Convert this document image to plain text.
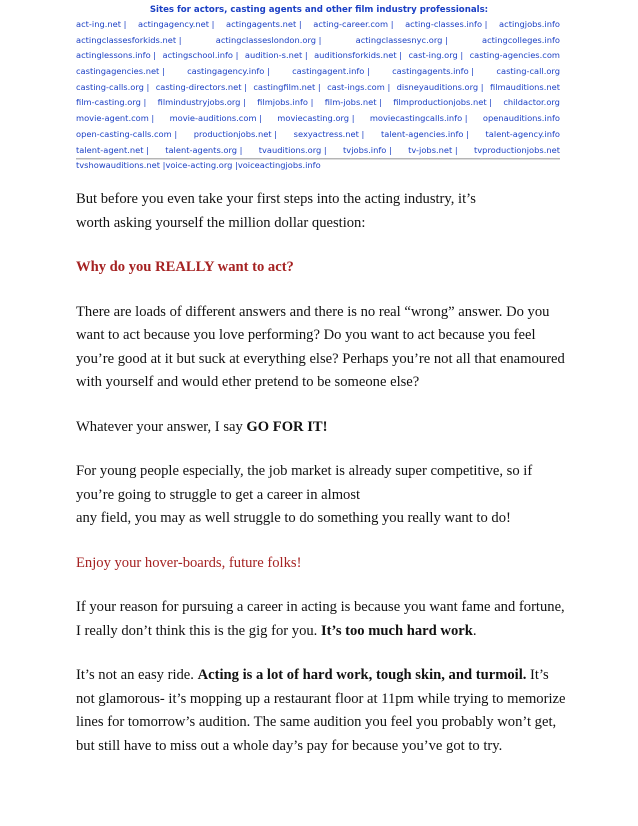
Sites for actors, casting agents and other film industry professionals:

act-ing.net | actingagency.net | actingagents.net | acting-career.com | acting-classes.info | actingjobs.info
actingclassesforkids.net |	actingclasseslondon.org |	actingclassesnyc.org |	actingcolleges.info
actinglessons.info | actingschool.info | audition-s.net | auditionsforkids.net | cast-ing.org | casting-agencies.com
castingagencies.net |	castingagency.info |	castingagent.info |	castingagents.info |	casting-call.org
casting-calls.org | casting-directors.net | castingfilm.net | cast-ings.com | disneyauditions.org | filmauditions.net
film-casting.org | filmindustryjobs.org | filmjobs.info | film-jobs.net | filmproductionjobs.net | childactor.org
movie-agent.com | movie-auditions.com | moviecasting.org | moviecastingcalls.info | openauditions.info
open-casting-calls.com | productionjobs.net | sexyactress.net | talent-agencies.info | talent-agency.info
talent-agent.net | talent-agents.org | tvauditions.org | tvjobs.info | tv-jobs.net | tvproductionjobs.net
tvshowauditions.net | voice-acting.org | voiceactingjobs.info

But before you even take your first steps into the acting industry, it’s

worth asking yourself the million dollar question:

Why do you REALLY want to act?

There are loads of different answers and there is no real “wrong” answer. Do you

want to act because you love performing? Do you want to act because you feel

you’re good at it but suck at everything else? Perhaps you’re not all that enamoured

with yourself and would ether pretend to be someone else?

Whatever your answer, I say GO FOR IT!

For young people especially, the job market is already super competitive, so if

you’re going to struggle to get a career in almost

any field, you may as well struggle to do something you really want to do!

Enjoy your hover-boards, future folks!

If your reason for pursuing a career in acting is because you want fame and fortune,

I really don’t think this is the gig for you. It’s too much hard work.

It’s not an easy ride. Acting is a lot of hard work, tough skin, and turmoil. It’s

not glamorous- it’s mopping up a restaurant floor at 11pm while trying to memorize

lines for tomorrow’s audition. The same audition you feel you probably won’t get,

but still have to miss out a whole day’s pay for because you’ve got to try.
